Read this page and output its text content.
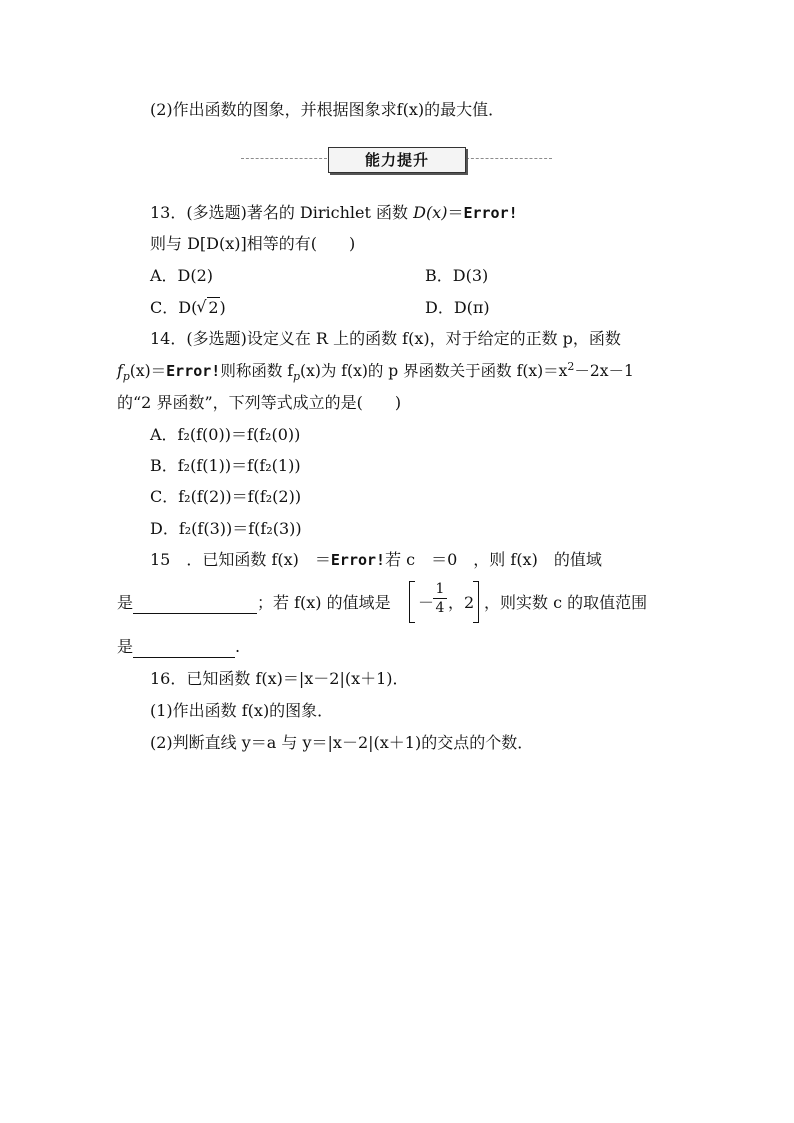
(2)作出函数的图象，并根据图象求f(x)的最大值．
能力提升
13．(多选题)著名的 Dirichlet 函数 D(x)＝Error!
则与 D[D(x)]相等的有(　　)
A．D(2)	B．D(3)
C．D(√ 2)	D．D(π)
14．(多选题)设定义在 R 上的函数 f(x)，对于给定的正数 p，函数
$f_p(x)=Error$!则称函数 $f_p(x)$为 f(x)的 p 界函数关于函数 $f(x)=x^2-2x-1$
的“2 界函数”，下列等式成立的是(　　)
A．f₂(f(0))＝f(f₂(0))
B．f₂(f(1))＝f(f₂(1))
C．f₂(f(2))＝f(f₂(2))
D．f₂(f(3))＝f(f₂(3))
15　．已知函数 f(x)　＝Error!若 c　＝0　，则 f(x)　的值域
是	；若 f(x) 的值域是 －
$\frac{1}{4}$ ，2 ，则实数 c 的取值范围
是	.
16．已知函数 f(x)＝|x－2|(x＋1)．
(1)作出函数 f(x)的图象．
(2)判断直线 y＝a 与 y＝|x－2|(x＋1)的交点的个数．
